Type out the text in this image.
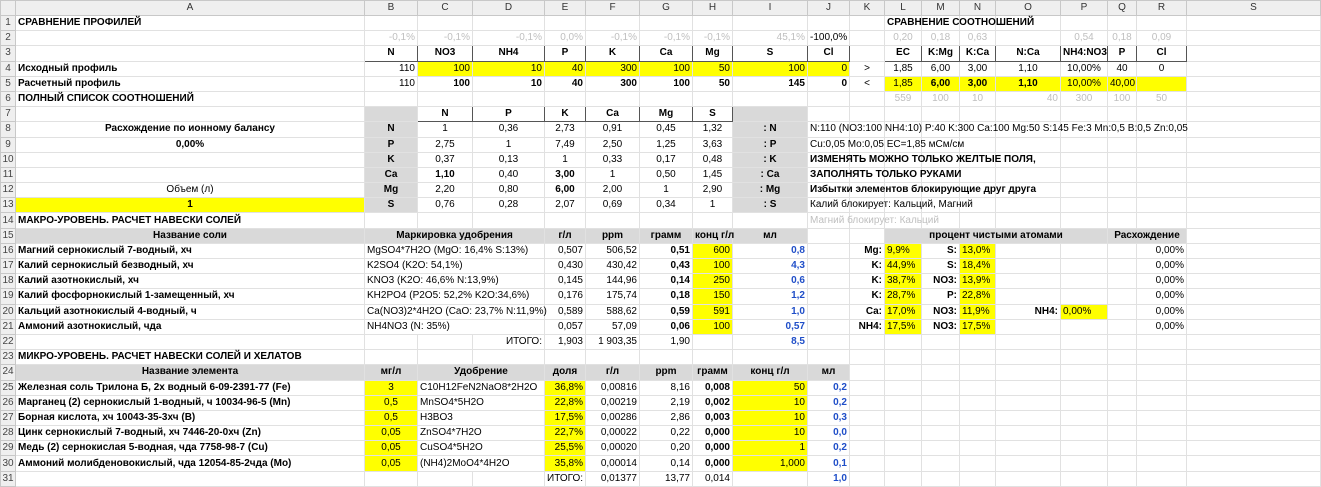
	A	B	C	D	E	F	G	H	I	J	K	L	M	N	O	P	Q	R	S
1	СРАВНЕНИЕ ПРОФИЛЕЙ											СРАВНЕНИЕ СООТНОШЕНИЙ							
2		-0,1%	-0,1%	-0,1%	0,0%	-0,1%	-0,1%	-0,1%	45,1%	-100,0%		0,20	0,18	0,63		0,54	0,18	0,09	
3		N	NO3	NH4	P	K	Ca	Mg	S	Cl		EC	K:Mg	K:Ca	N:Ca	NH4:NO3	P	Cl	
4	Исходный профиль	110	100	10	40	300	100	50	100	0	>	1,85	6,00	3,00	1,10	10,00%	40	0	
5	Расчетный профиль	110	100	10	40	300	100	50	145	0	<	1,85	6,00	3,00	1,10	10,00%	40,00		
6	ПОЛНЫЙ СПИСОК СООТНОШЕНИЙ											559	100	10	40	300	100	50	
7			N	P	K	Ca	Mg	S											
8	Расхождение по ионному балансу	N	1	0,36	2,73	0,91	0,45	1,32	: N	N:110 (NO3:100 NH4:10) P:40 K:300 Ca:100 Mg:50 S:145 Fe:3 Mn:0,5 B:0,5 Zn:0,05									
9	0,00%	P	2,75	1	7,49	2,50	1,25	3,63	: P	Cu:0,05 Mo:0,05 EC=1,85 мСм/см									
10		K	0,37	0,13	1	0,33	0,17	0,48	: K	ИЗМЕНЯТЬ МОЖНО ТОЛЬКО ЖЕЛТЫЕ ПОЛЯ,									
11		Ca	1,10	0,40	3,00	1	0,50	1,45	: Ca	ЗАПОЛНЯТЬ ТОЛЬКО РУКАМИ									
12	Объем (л)	Mg	2,20	0,80	6,00	2,00	1	2,90	: Mg	Избытки элементов блокирующие друг друга									
13	1	S	0,76	0,28	2,07	0,69	0,34	1	: S	Калий блокирует: Кальций, Магний									
14	МАКРО-УРОВЕНЬ. РАСЧЕТ НАВЕСКИ СОЛЕЙ									Магний блокирует: Кальций									
15	Название соли	Маркировка удобрения			г/л	ppm	грамм	конц г/л	мл			процент чистыми атомами					Расхождение		
16	Магний сернокислый 7-водный, хч	MgSO4*7H2O (MgO: 16,4% S:13%)			0,507	506,52	0,51	600	0,8		Mg:	9,9%	S:	13,0%				0,00%	
17	Калий сернокислый безводный, хч	K2SO4 (K2O: 54,1%)			0,430	430,42	0,43	100	4,3		K:	44,9%	S:	18,4%				0,00%	
18	Калий азотнокислый, хч	KNO3 (K2O: 46,6% N:13,9%)			0,145	144,96	0,14	250	0,6		K:	38,7%	NO3:	13,9%				0,00%	
19	Калий фосфорнокислый 1-замещенный, хч	KH2PO4 (P2O5: 52,2% K2O:34,6%)			0,176	175,74	0,18	150	1,2		K:	28,7%	P:	22,8%				0,00%	
20	Кальций азотнокислый 4-водный, ч	Ca(NO3)2*4H2O (CaO: 23,7% N:11,9%)			0,589	588,62	0,59	591	1,0		Ca:	17,0%	NO3:	11,9%	NH4:	0,00%		0,00%	
21	Аммоний азотнокислый, чда	NH4NO3 (N: 35%)			0,057	57,09	0,06	100	0,57		NH4:	17,5%	NO3:	17,5%				0,00%	
22				ИТОГО:	1,903	1 903,35	1,90		8,5										
23	МИКРО-УРОВЕНЬ. РАСЧЕТ НАВЕСКИ СОЛЕЙ И ХЕЛАТОВ																		
24	Название элемента	мг/л	Удобрение		доля	г/л	ppm	грамм	конц г/л	мл									
25	Железная соль Трилона Б, 2х водный 6-09-2391-77 (Fe)	3	C10H12FeN2NaO8*2H2O		36,8%	0,00816	8,16	0,008	50	0,2									
26	Марганец (2) сернокислый 1-водный, ч 10034-96-5 (Mn)	0,5	MnSO4*5H2O		22,8%	0,00219	2,19	0,002	10	0,2									
27	Борная кислота, хч 10043-35-3хч (B)	0,5	H3BO3		17,5%	0,00286	2,86	0,003	10	0,3									
28	Цинк сернокислый 7-водный, хч 7446-20-0хч (Zn)	0,05	ZnSO4*7H2O		22,7%	0,00022	0,22	0,000	10	0,0									
29	Медь (2) сернокислая 5-водная, чда 7758-98-7 (Cu)	0,05	CuSO4*5H2O		25,5%	0,00020	0,20	0,000	1	0,2									
30	Аммоний молибденовокислый, чда 12054-85-2чда (Mo)	0,05	(NH4)2MoO4*4H2O		35,8%	0,00014	0,14	0,000	1,000	0,1									
31					ИТОГО:	0,01377	13,77	0,014		1,0									
